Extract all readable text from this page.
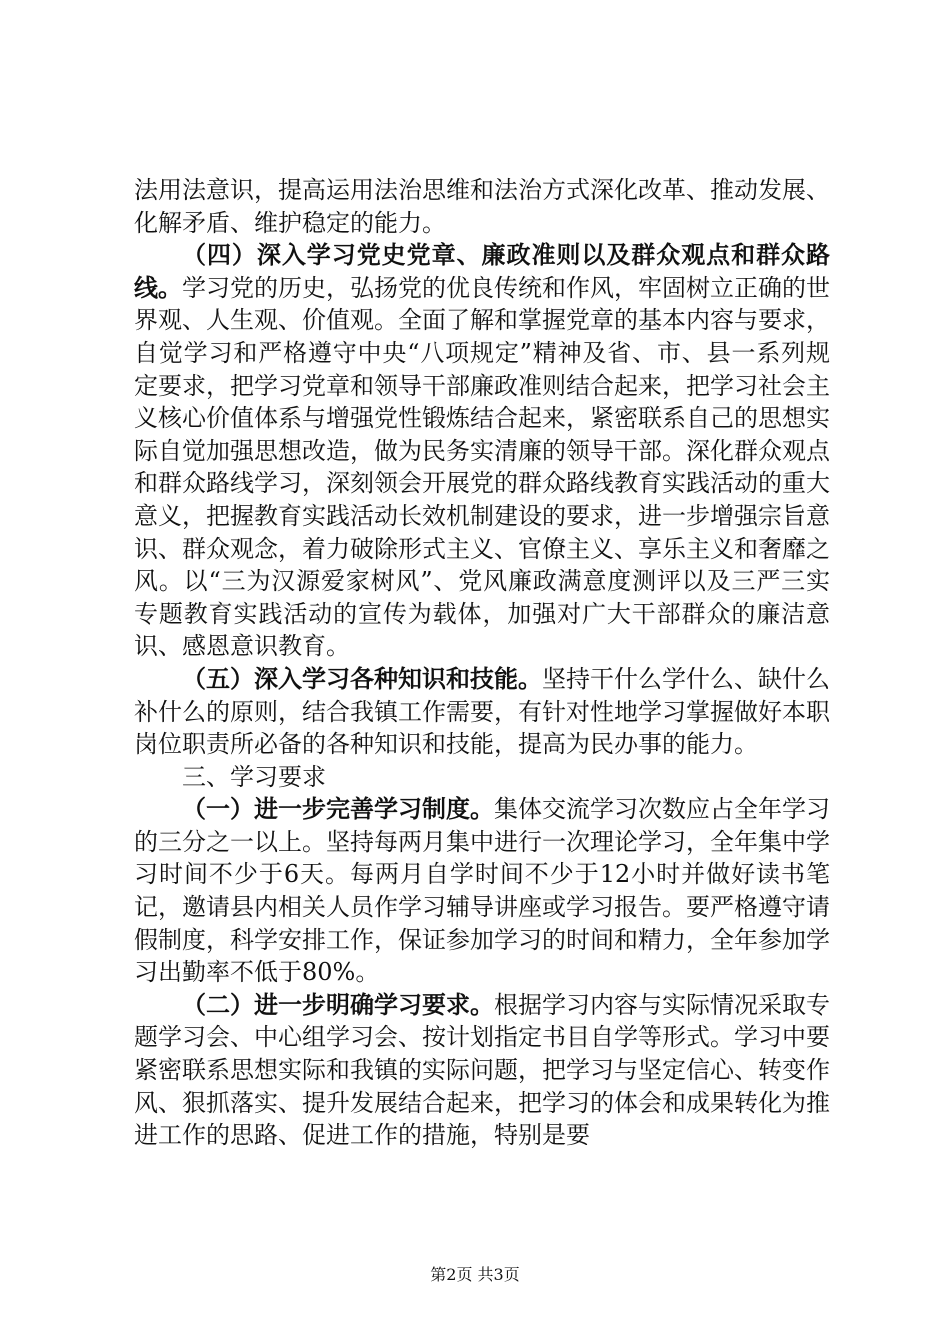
法用法意识，提高运用法治思维和法治方式深化改革、推动发展、化解矛盾、维护稳定的能力。

（四）深入学习党史党章、廉政准则以及群众观点和群众路线。学习党的历史，弘扬党的优良传统和作风，牢固树立正确的世界观、人生观、价值观。全面了解和掌握党章的基本内容与要求，自觉学习和严格遵守中央“八项规定”精神及省、市、县一系列规定要求，把学习党章和领导干部廉政准则结合起来，把学习社会主义核心价值体系与增强党性锻炼结合起来，紧密联系自己的思想实际自觉加强思想改造，做为民务实清廉的领导干部。深化群众观点和群众路线学习，深刻领会开展党的群众路线教育实践活动的重大意义，把握教育实践活动长效机制建设的要求，进一步增强宗旨意识、群众观念，着力破除形式主义、官僚主义、享乐主义和奢靡之风。以“三为汉源爱家树风”、党风廉政满意度测评以及三严三实专题教育实践活动的宣传为载体，加强对广大干部群众的廉洁意识、感恩意识教育。

（五）深入学习各种知识和技能。坚持干什么学什么、缺什么补什么的原则，结合我镇工作需要，有针对性地学习掌握做好本职岗位职责所必备的各种知识和技能，提高为民办事的能力。

三、学习要求

（一）进一步完善学习制度。集体交流学习次数应占全年学习的三分之一以上。坚持每两月集中进行一次理论学习，全年集中学习时间不少于6天。每两月自学时间不少于12小时并做好读书笔记，邀请县内相关人员作学习辅导讲座或学习报告。要严格遵守请假制度，科学安排工作，保证参加学习的时间和精力，全年参加学习出勤率不低于80%。

（二）进一步明确学习要求。根据学习内容与实际情况采取专题学习会、中心组学习会、按计划指定书目自学等形式。学习中要紧密联系思想实际和我镇的实际问题，把学习与坚定信心、转变作风、狠抓落实、提升发展结合起来，把学习的体会和成果转化为推进工作的思路、促进工作的措施，特别是要

第2页 共3页
